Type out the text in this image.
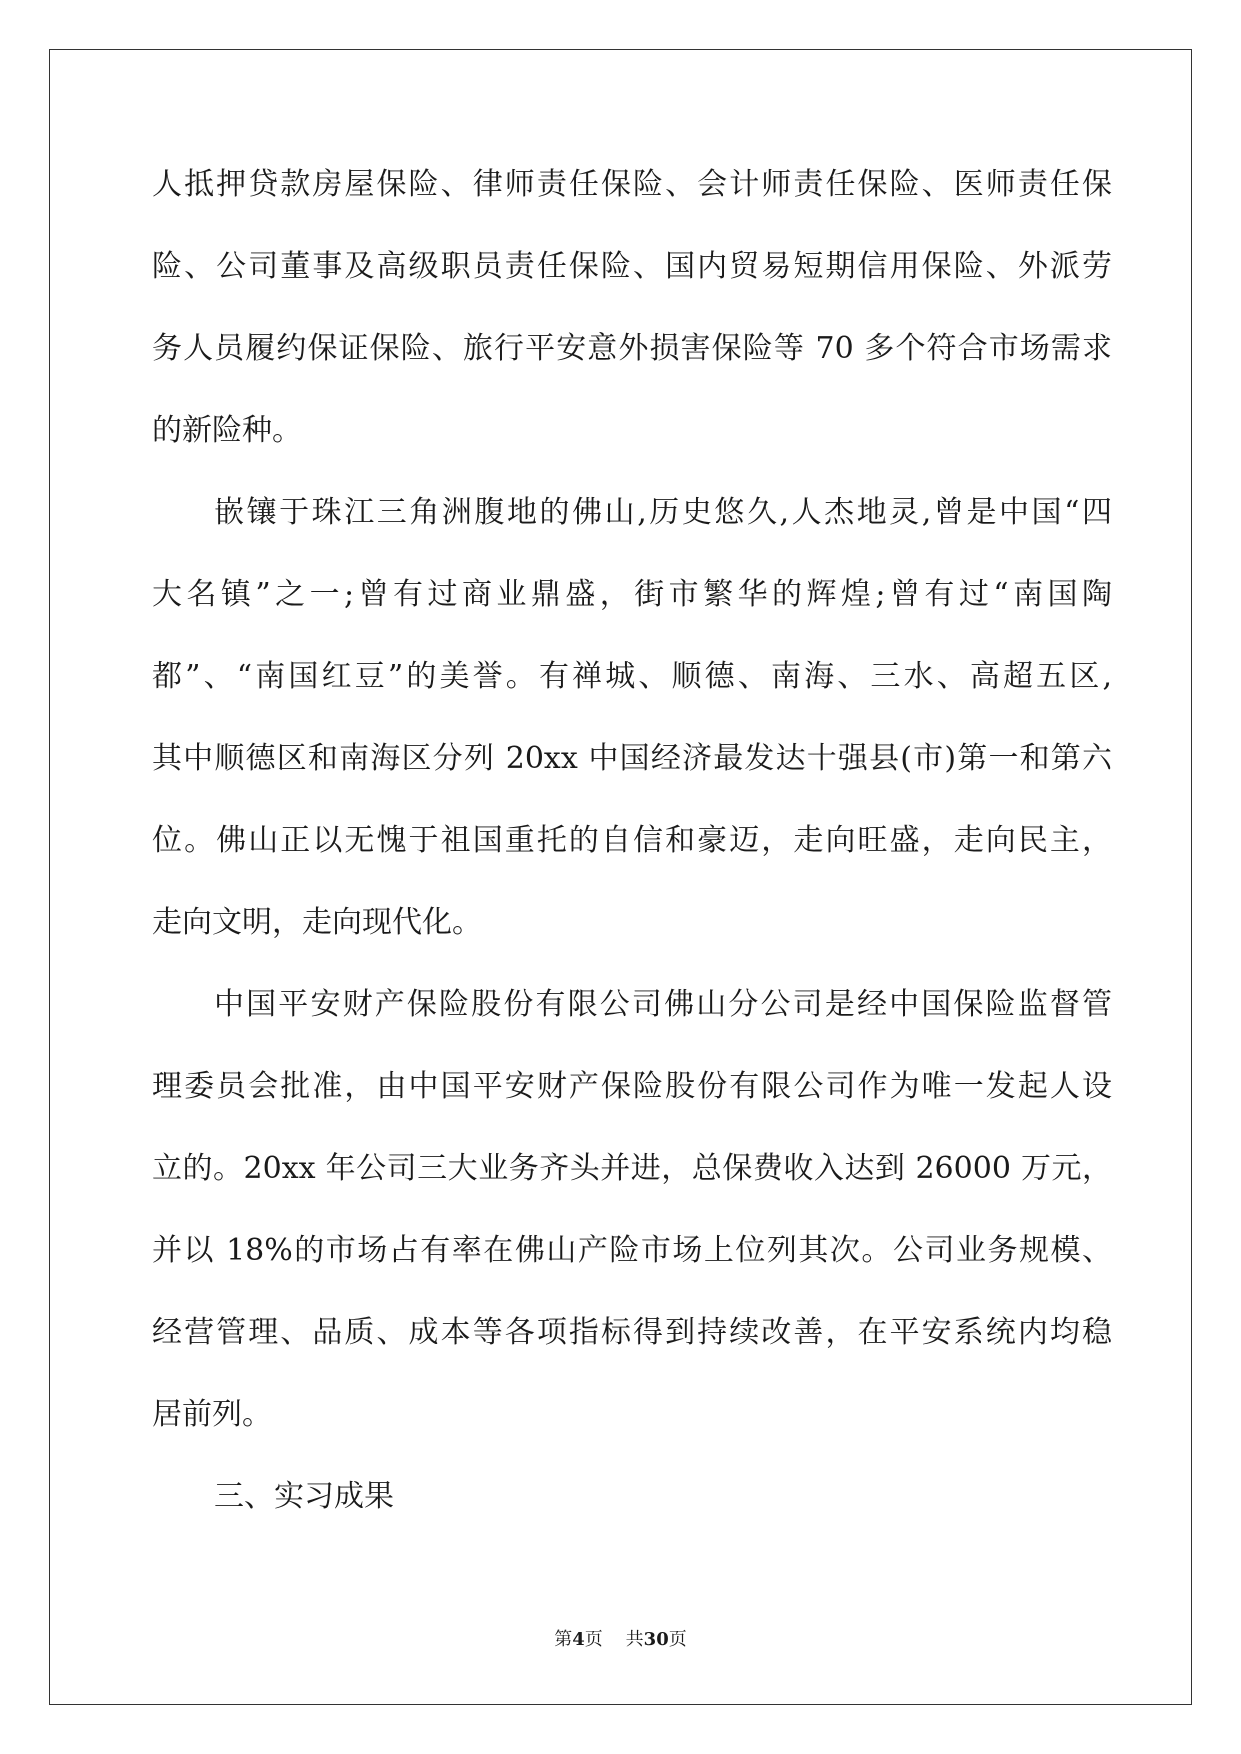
人抵押贷款房屋保险、律师责任保险、会计师责任保险、医师责任保
险、公司董事及高级职员责任保险、国内贸易短期信用保险、外派劳
务人员履约保证保险、旅行平安意外损害保险等 70 多个符合市场需求
的新险种。
嵌镶于珠江三角洲腹地的佛山,历史悠久,人杰地灵,曾是中国“四
大名镇”之一;曾有过商业鼎盛，街市繁华的辉煌;曾有过“南国陶
都”、“南国红豆”的美誉。有禅城、顺德、南海、三水、高超五区,
其中顺德区和南海区分列 20xx 中国经济最发达十强县(市)第一和第六
位。佛山正以无愧于祖国重托的自信和豪迈，走向旺盛，走向民主，
走向文明，走向现代化。
中国平安财产保险股份有限公司佛山分公司是经中国保险监督管
理委员会批准，由中国平安财产保险股份有限公司作为唯一发起人设
立的。20xx 年公司三大业务齐头并进，总保费收入达到 26000 万元，
并以 18%的市场占有率在佛山产险市场上位列其次。公司业务规模、
经营管理、品质、成本等各项指标得到持续改善，在平安系统内均稳
居前列。
三、实习成果
第4页    共30页
